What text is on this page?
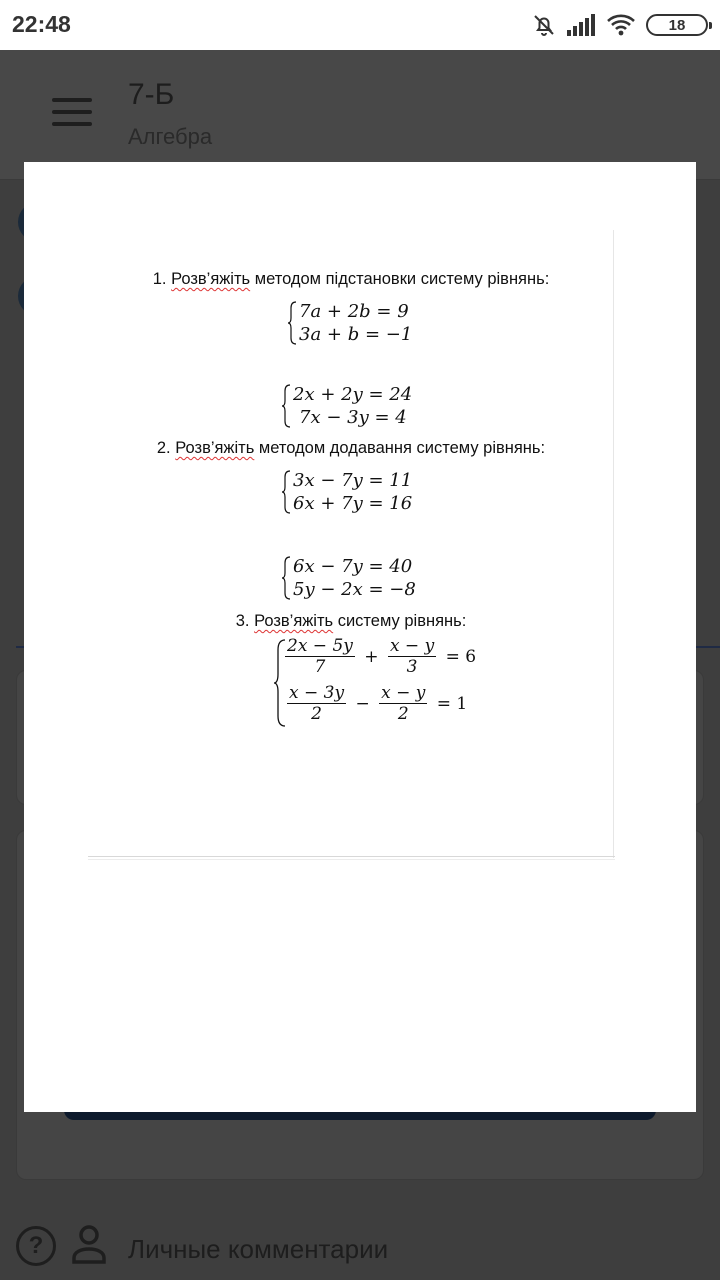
22:48	18
7-Б
Алгебра
?	Личные комментарии
1. Розв’яжіть методом підстановки систему рівнянь:
7a + 2b = 9
3a + b = −1
2x + 2y = 24
7x − 3y = 4
2. Розв’яжіть методом додавання систему рівнянь:
3x − 7y = 11
6x + 7y = 16
6x − 7y = 40
5y − 2x = −8
3. Розв’яжіть систему рівнянь:
$\frac{2x - 5y}{7} + \frac{x - y}{3} = 6$
$\frac{x - 3y}{2} - \frac{x - y}{2} = 1$
